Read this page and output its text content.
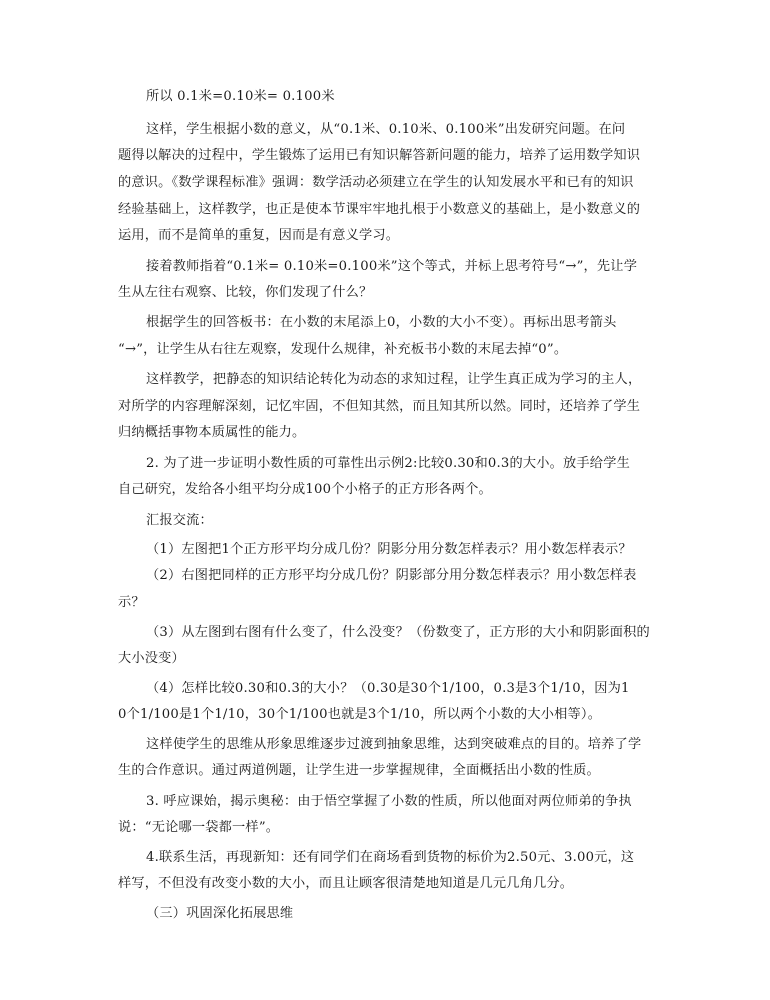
所以 0.1米=0.10米= 0.100米
这样，学生根据小数的意义，从“0.1米、0.10米、0.100米”出发研究问题。在问
题得以解决的过程中，学生锻炼了运用已有知识解答新问题的能力，培养了运用数学知识
的意识。《数学课程标准》强调：数学活动必须建立在学生的认知发展水平和已有的知识
经验基础上，这样教学，也正是使本节课牢牢地扎根于小数意义的基础上，是小数意义的
运用，而不是简单的重复，因而是有意义学习。
接着教师指着“0.1米= 0.10米=0.100米”这个等式，并标上思考符号“→”，先让学
生从左往右观察、比较，你们发现了什么？
根据学生的回答板书：在小数的末尾添上0，小数的大小不变）。再标出思考箭头
“→”，让学生从右往左观察，发现什么规律，补充板书小数的末尾去掉“0”。
这样教学，把静态的知识结论转化为动态的求知过程，让学生真正成为学习的主人，
对所学的内容理解深刻，记忆牢固，不但知其然，而且知其所以然。同时，还培养了学生
归纳概括事物本质属性的能力。
2. 为了进一步证明小数性质的可靠性出示例2:比较0.30和0.3的大小。放手给学生
自己研究，发给各小组平均分成100个小格子的正方形各两个。
汇报交流：
（1）左图把1个正方形平均分成几份？阴影分用分数怎样表示？用小数怎样表示？
（2）右图把同样的正方形平均分成几份？阴影部分用分数怎样表示？用小数怎样表
示？
（3）从左图到右图有什么变了，什么没变？（份数变了，正方形的大小和阴影面积的
大小没变）
（4）怎样比较0.30和0.3的大小？（0.30是30个1/100，0.3是3个1/10，因为1
0个1/100是1个1/10，30个1/100也就是3个1/10，所以两个小数的大小相等）。
这样使学生的思维从形象思维逐步过渡到抽象思维，达到突破难点的目的。培养了学
生的合作意识。通过两道例题，让学生进一步掌握规律，全面概括出小数的性质。
3. 呼应课始，揭示奥秘：由于悟空掌握了小数的性质，所以他面对两位师弟的争执
说：“无论哪一袋都一样”。
4.联系生活，再现新知：还有同学们在商场看到货物的标价为2.50元、3.00元，这
样写，不但没有改变小数的大小，而且让顾客很清楚地知道是几元几角几分。
（三）巩固深化拓展思维
